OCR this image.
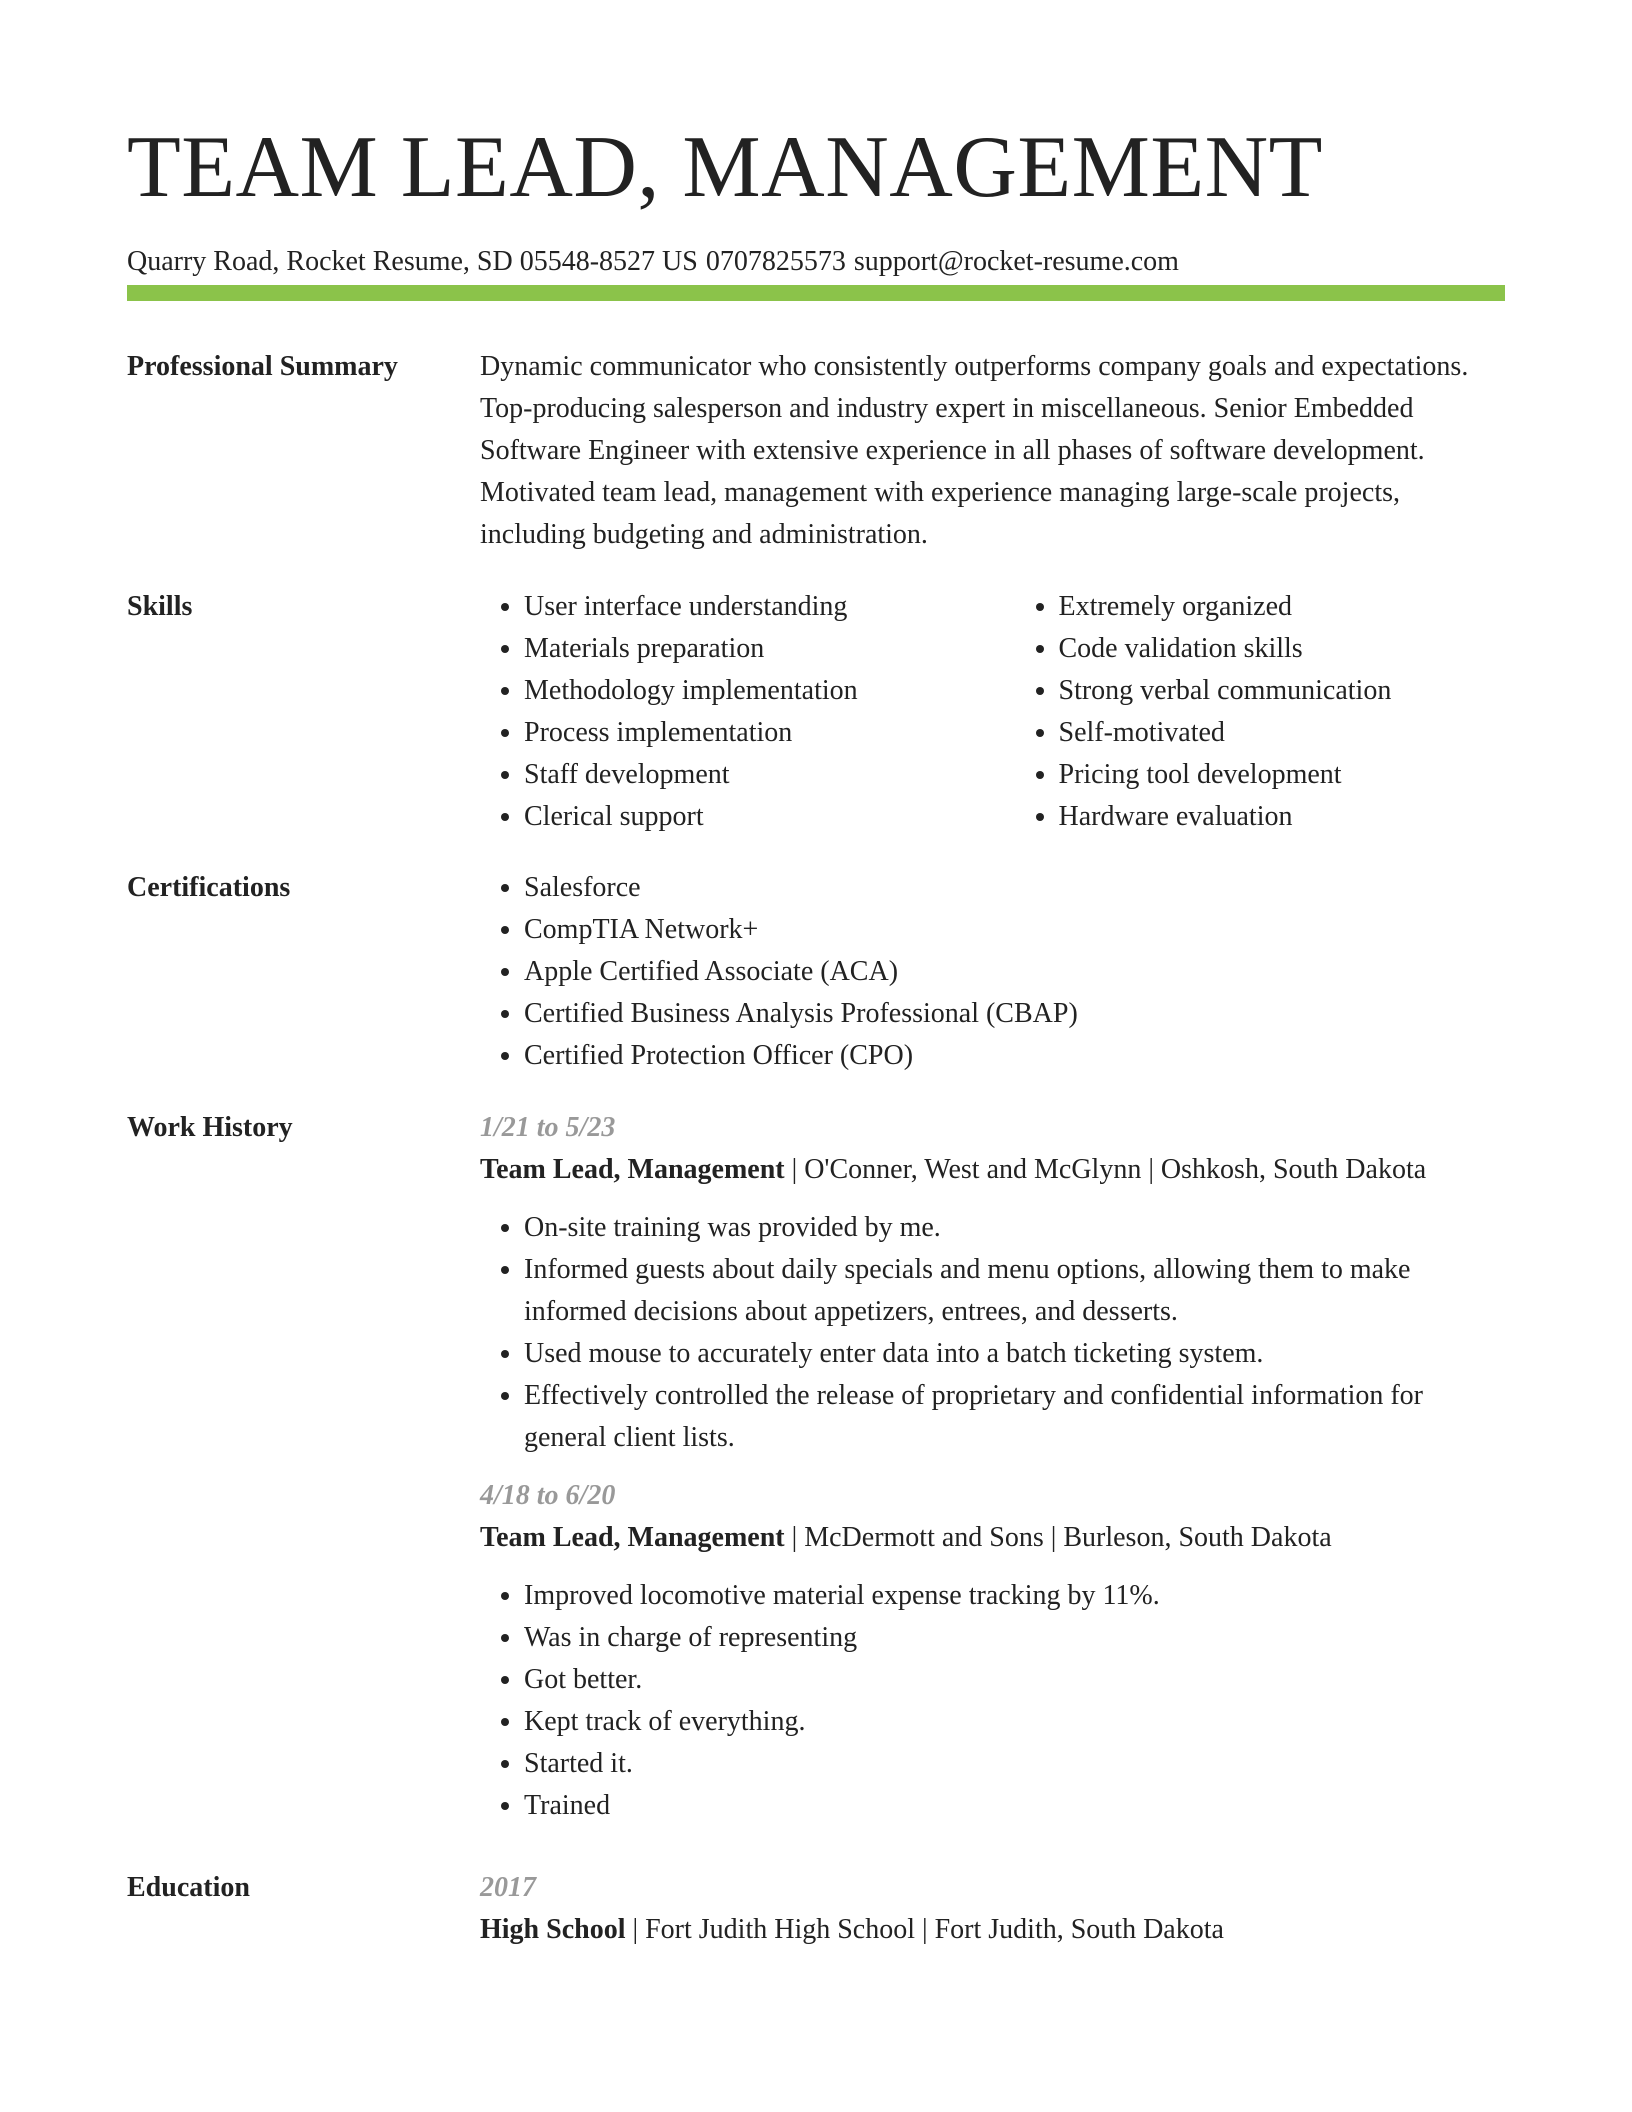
TEAM LEAD, MANAGEMENT
Quarry Road, Rocket Resume, SD 05548-8527 US 0707825573 support@rocket-resume.com
Professional Summary	Dynamic communicator who consistently outperforms company goals and expectations. Top-producing salesperson and industry expert in miscellaneous. Senior Embedded Software Engineer with extensive experience in all phases of software development. Motivated team lead, management with experience managing large-scale projects, including budgeting and administration.
Skills	• User interface understanding
• Materials preparation
• Methodology implementation
• Process implementation
• Staff development
• Clerical support
• Extremely organized
• Code validation skills
• Strong verbal communication
• Self-motivated
• Pricing tool development
• Hardware evaluation
Certifications	• Salesforce
• CompTIA Network+
• Apple Certified Associate (ACA)
• Certified Business Analysis Professional (CBAP)
• Certified Protection Officer (CPO)
Work History	1/21 to 5/23
Team Lead, Management | O'Conner, West and McGlynn | Oshkosh, South Dakota
• On-site training was provided by me.
• Informed guests about daily specials and menu options, allowing them to make informed decisions about appetizers, entrees, and desserts.
• Used mouse to accurately enter data into a batch ticketing system.
• Effectively controlled the release of proprietary and confidential information for general client lists.
4/18 to 6/20
Team Lead, Management | McDermott and Sons | Burleson, South Dakota
• Improved locomotive material expense tracking by 11%.
• Was in charge of representing
• Got better.
• Kept track of everything.
• Started it.
• Trained
Education	2017
High School | Fort Judith High School | Fort Judith, South Dakota
